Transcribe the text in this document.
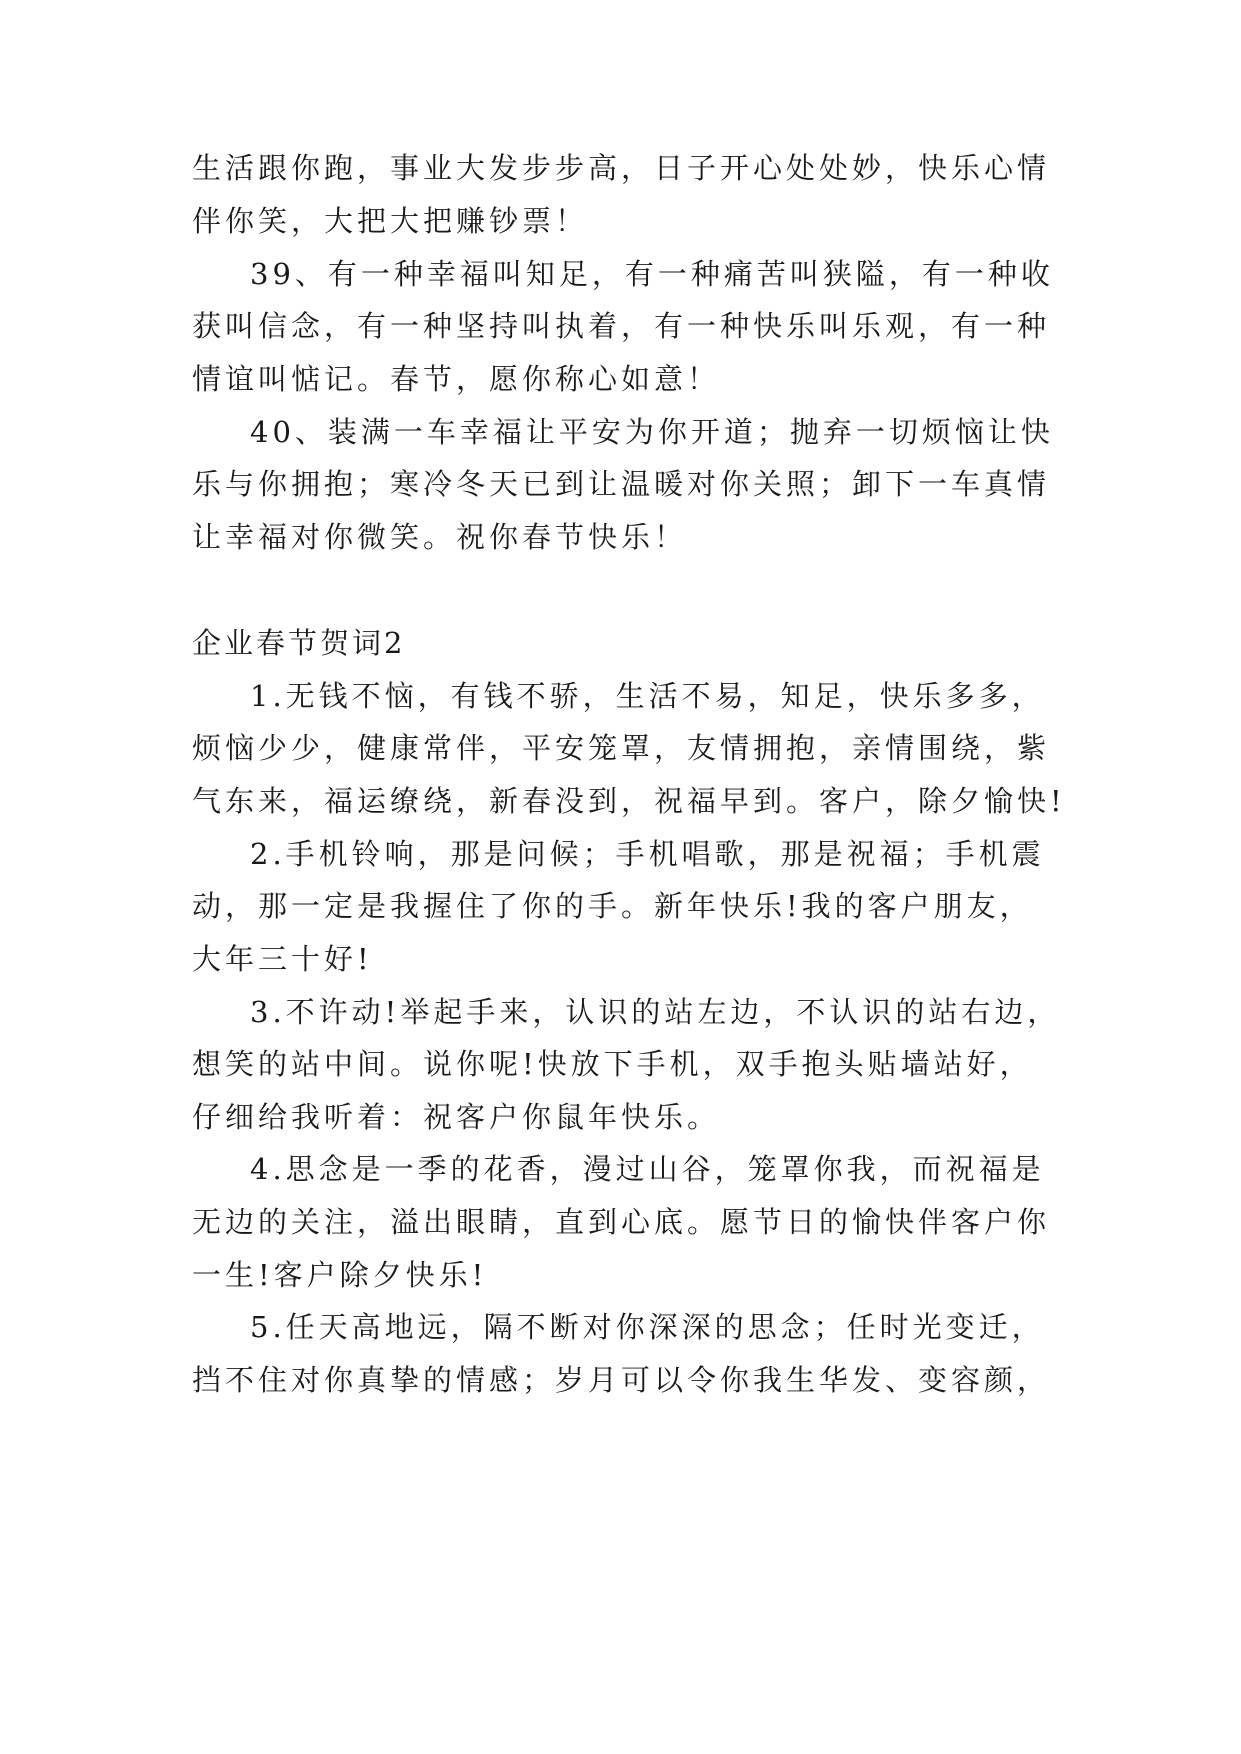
生活跟你跑，事业大发步步高，日子开心处处妙，快乐心情
伴你笑，大把大把赚钞票！
39、有一种幸福叫知足，有一种痛苦叫狭隘，有一种收
获叫信念，有一种坚持叫执着，有一种快乐叫乐观，有一种
情谊叫惦记。春节，愿你称心如意！
40、装满一车幸福让平安为你开道；抛弃一切烦恼让快
乐与你拥抱；寒冷冬天已到让温暖对你关照；卸下一车真情
让幸福对你微笑。祝你春节快乐！
企业春节贺词2
1.无钱不恼，有钱不骄，生活不易，知足，快乐多多，
烦恼少少，健康常伴，平安笼罩，友情拥抱，亲情围绕，紫
气东来，福运缭绕，新春没到，祝福早到。客户，除夕愉快!
2.手机铃响，那是问候；手机唱歌，那是祝福；手机震
动，那一定是我握住了你的手。新年快乐!我的客户朋友，
大年三十好!
3.不许动!举起手来，认识的站左边，不认识的站右边，
想笑的站中间。说你呢!快放下手机，双手抱头贴墙站好，
仔细给我听着：祝客户你鼠年快乐。
4.思念是一季的花香，漫过山谷，笼罩你我，而祝福是
无边的关注，溢出眼睛，直到心底。愿节日的愉快伴客户你
一生!客户除夕快乐!
5.任天高地远，隔不断对你深深的思念；任时光变迁，
挡不住对你真挚的情感；岁月可以令你我生华发、变容颜，
